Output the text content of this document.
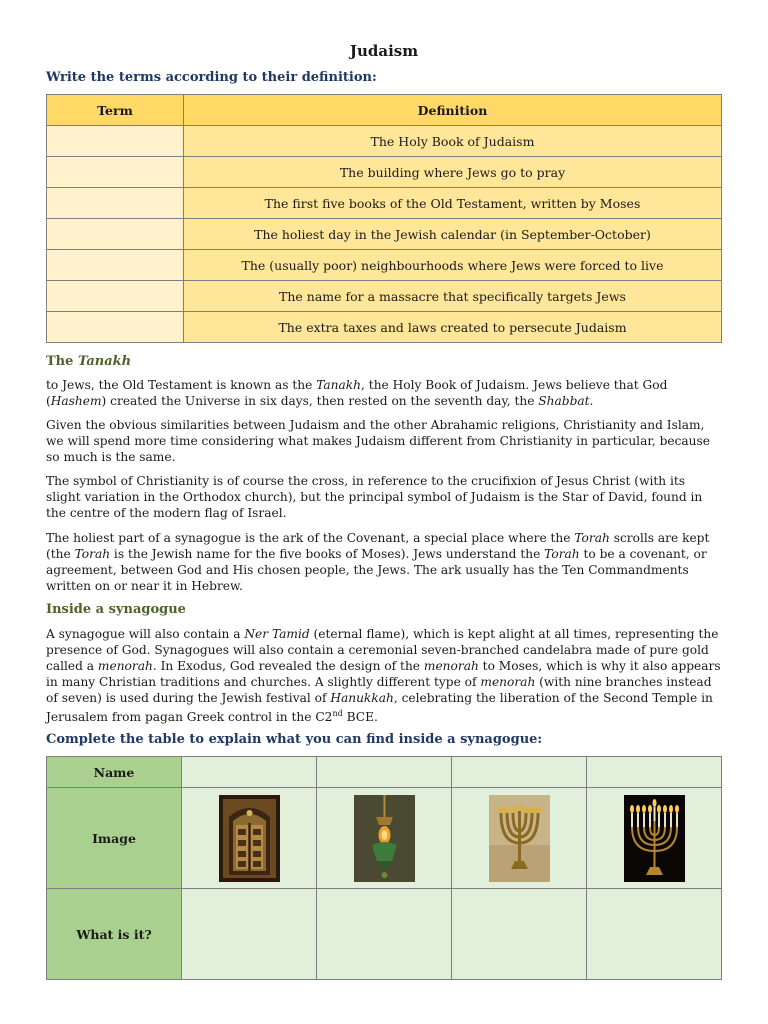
Judaism
Write the terms according to their definition:
Term	Definition
	The Holy Book of Judaism
	The building where Jews go to pray
	The first five books of the Old Testament, written by Moses
	The holiest day in the Jewish calendar (in September-October)
	The (usually poor) neighbourhoods where Jews were forced to live
	The name for a massacre that specifically targets Jews
	The extra taxes and laws created to persecute Judaism
The Tanakh

to Jews, the Old Testament is known as the Tanakh, the Holy Book of Judaism. Jews believe that God (Hashem) created the Universe in six days, then rested on the seventh day, the Shabbat.

Given the obvious similarities between Judaism and the other Abrahamic religions, Christianity and Islam, we will spend more time considering what makes Judaism different from Christianity in particular, because so much is the same.

The symbol of Christianity is of course the cross, in reference to the crucifixion of Jesus Christ (with its slight variation in the Orthodox church), but the principal symbol of Judaism is the Star of David, found in the centre of the modern flag of Israel.

The holiest part of a synagogue is the ark of the Covenant, a special place where the Torah scrolls are kept (the Torah is the Jewish name for the five books of Moses). Jews understand the Torah to be a covenant, or agreement, between God and His chosen people, the Jews. The ark usually has the Ten Commandments written on or near it in Hebrew.

Inside a synagogue

A synagogue will also contain a Ner Tamid (eternal flame), which is kept alight at all times, representing the presence of God. Synagogues will also contain a ceremonial seven-branched candelabra made of pure gold called a menorah. In Exodus, God revealed the design of the menorah to Moses, which is why it also appears in many Christian traditions and churches. A slightly different type of menorah (with nine branches instead of seven) is used during the Jewish festival of Hanukkah, celebrating the liberation of the Second Temple in Jerusalem from pagan Greek control in the C2nd BCE.

Complete the table to explain what you can find inside a synagogue:
Name				
Image				
What is it?				
